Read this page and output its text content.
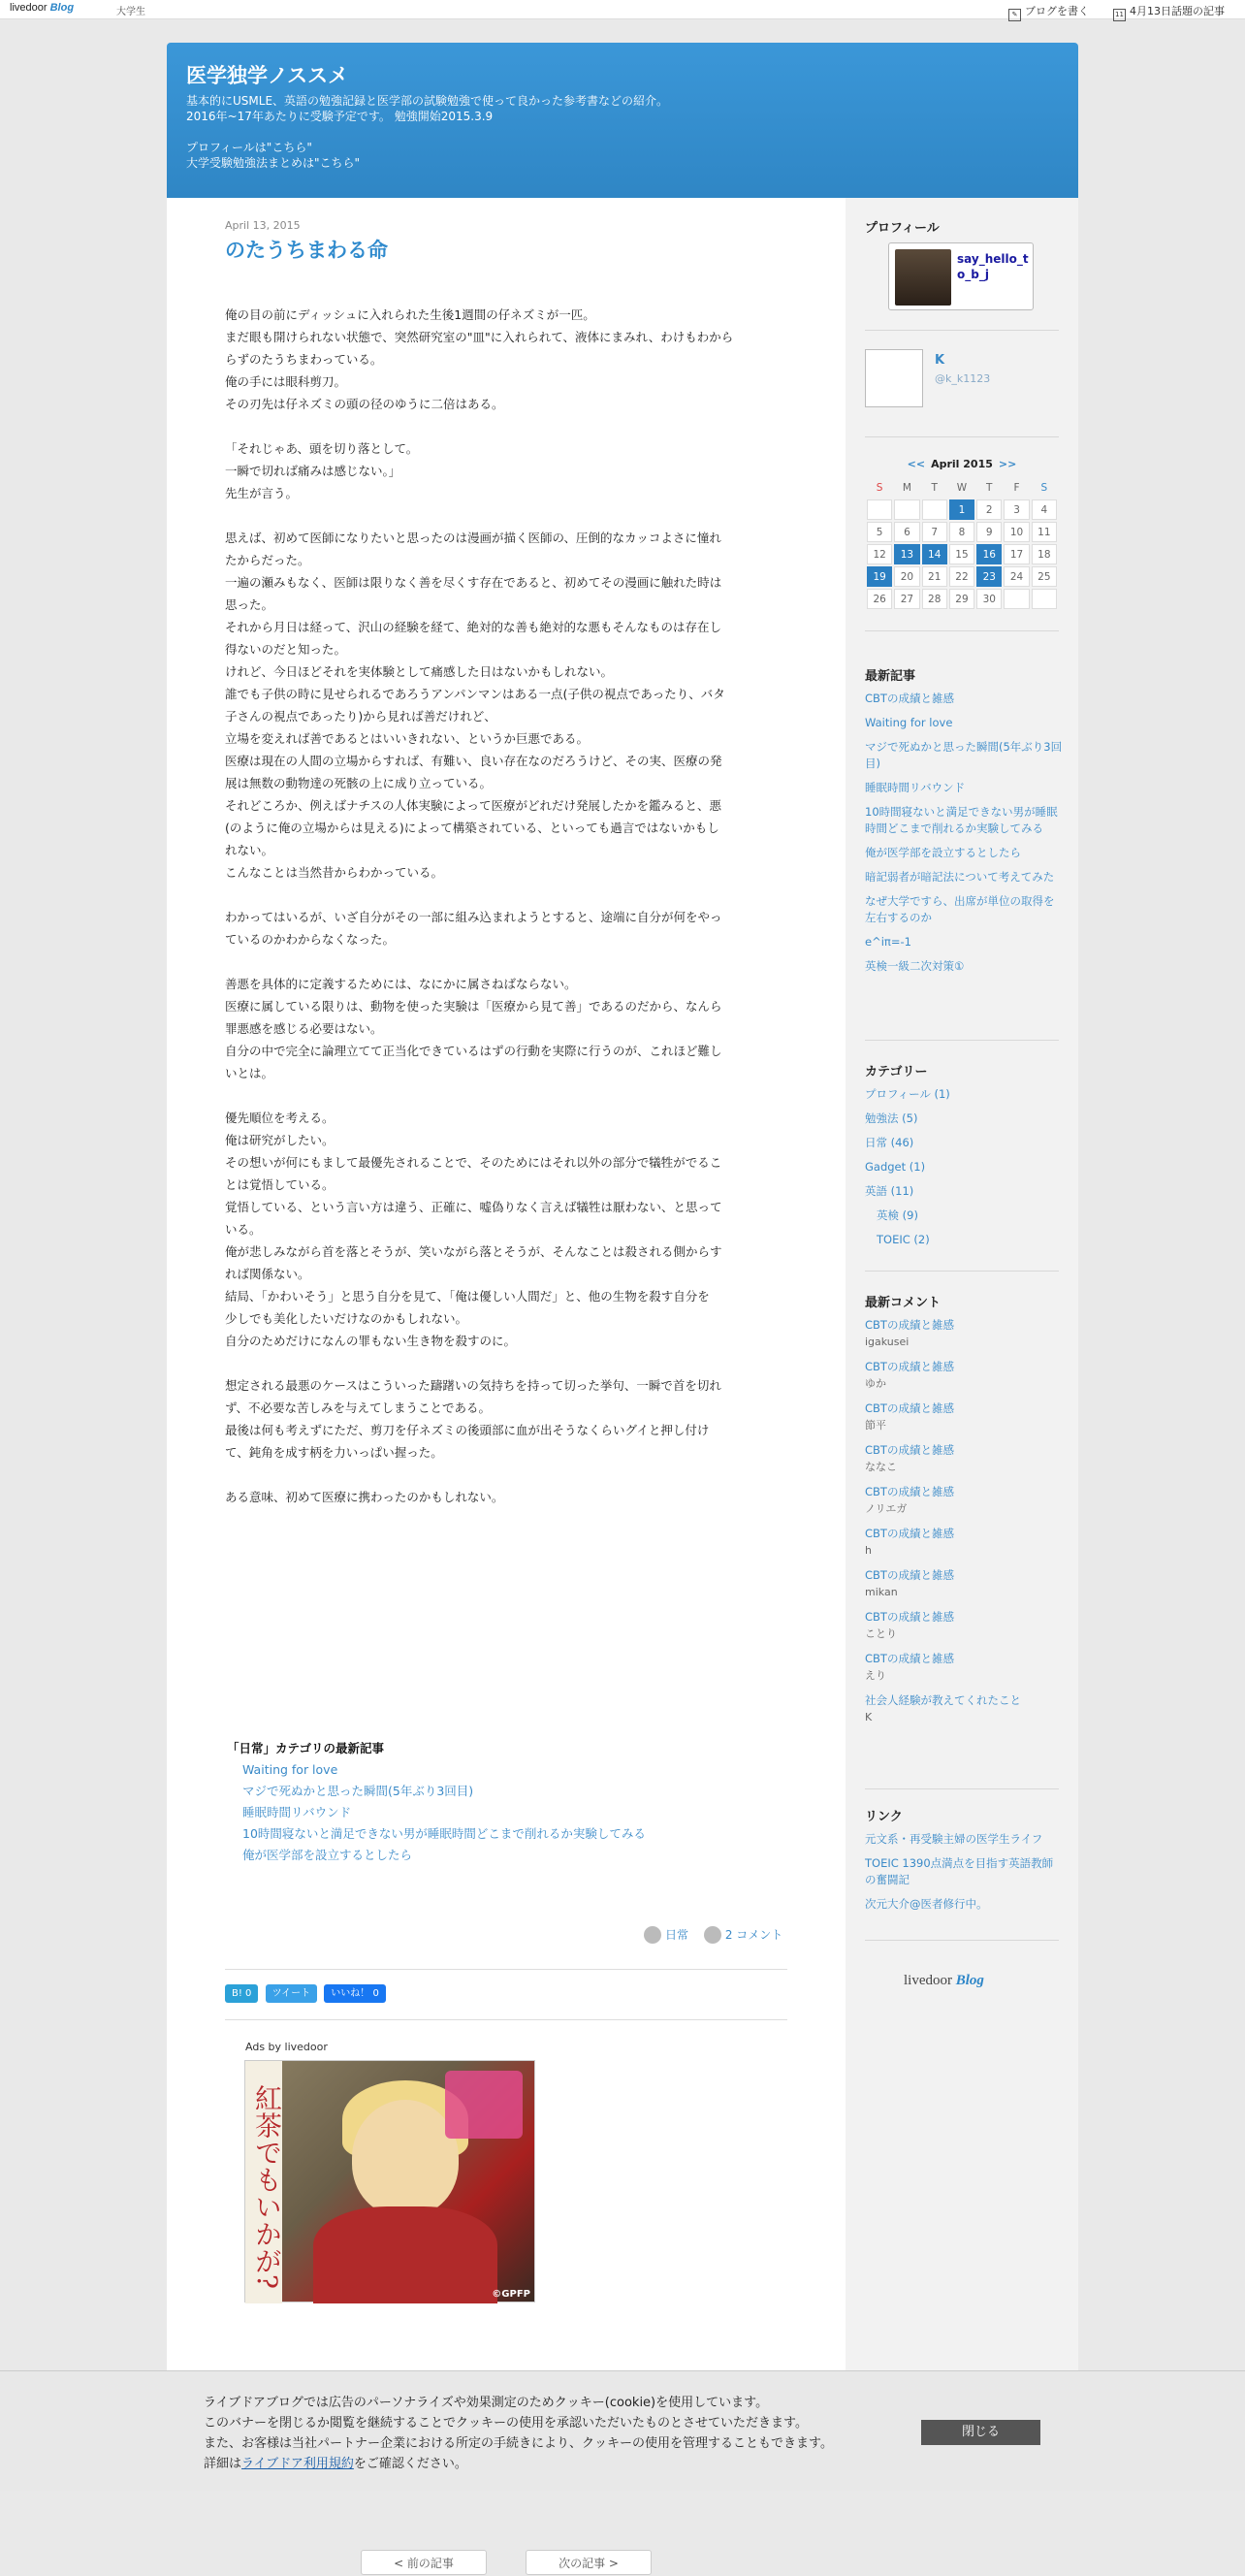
livedoor Blog	大学生	✎ ブログを書く	11 4月13日話題の記事
医学独学ノススメ
基本的にUSMLE、英語の勉強記録と医学部の試験勉強で使って良かった参考書などの紹介。
2016年~17年あたりに受験予定です。 勉強開始2015.3.9
プロフィールは"こちら"
大学受験勉強法まとめは"こちら"
April 13, 2015
のたうちまわる命
俺の目の前にディッシュに入れられた生後1週間の仔ネズミが一匹。
まだ眼も開けられない状態で、突然研究室の"皿"に入れられて、液体にまみれ、わけもわから
らずのたうちまわっている。
俺の手には眼科剪刀。
その刃先は仔ネズミの頭の径のゆうに二倍はある。
「それじゃあ、頭を切り落として。
一瞬で切れば痛みは感じない。」
先生が言う。
思えば、初めて医師になりたいと思ったのは漫画が描く医師の、圧倒的なカッコよさに憧れ
たからだった。
一遍の瀬みもなく、医師は限りなく善を尽くす存在であると、初めてその漫画に触れた時は
思った。
それから月日は経って、沢山の経験を経て、絶対的な善も絶対的な悪もそんなものは存在し
得ないのだと知った。
けれど、今日ほどそれを実体験として痛感した日はないかもしれない。
誰でも子供の時に見せられるであろうアンパンマンはある一点(子供の視点であったり、バタ
子さんの視点であったり)から見れば善だけれど、
立場を変えれば善であるとはいいきれない、というか巨悪である。
医療は現在の人間の立場からすれば、有難い、良い存在なのだろうけど、その実、医療の発
展は無数の動物達の死骸の上に成り立っている。
それどころか、例えばナチスの人体実験によって医療がどれだけ発展したかを鑑みると、悪
(のように俺の立場からは見える)によって構築されている、といっても過言ではないかもし
れない。
こんなことは当然昔からわかっている。
わかってはいるが、いざ自分がその一部に組み込まれようとすると、途端に自分が何をやっ
ているのかわからなくなった。
善悪を具体的に定義するためには、なにかに属さねばならない。
医療に属している限りは、動物を使った実験は「医療から見て善」であるのだから、なんら
罪悪感を感じる必要はない。
自分の中で完全に論理立てて正当化できているはずの行動を実際に行うのが、これほど難し
いとは。
優先順位を考える。
俺は研究がしたい。
その想いが何にもまして最優先されることで、そのためにはそれ以外の部分で犠牲がでるこ
とは覚悟している。
覚悟している、という言い方は違う、正確に、嘘偽りなく言えば犠牲は厭わない、と思って
いる。
俺が悲しみながら首を落とそうが、笑いながら落とそうが、そんなことは殺される側からす
れば関係ない。
結局、「かわいそう」と思う自分を見て、「俺は優しい人間だ」と、他の生物を殺す自分を
少しでも美化したいだけなのかもしれない。
自分のためだけになんの罪もない生き物を殺すのに。
想定される最悪のケースはこういった躊躇いの気持ちを持って切った挙句、一瞬で首を切れ
ず、不必要な苦しみを与えてしまうことである。
最後は何も考えずにただ、剪刀を仔ネズミの後頭部に血が出そうなくらいグイと押し付け
て、鈍角を成す柄を力いっぱい握った。
ある意味、初めて医療に携わったのかもしれない。
「日常」カテゴリの最新記事
Waiting for love
マジで死ぬかと思った瞬間(5年ぶり3回目)
睡眠時間リバウンド
10時間寝ないと満足できない男が睡眠時間どこまで削れるか実験してみる
俺が医学部を設立するとしたら
日常	2 コメント
B! 0 ツイート いいね！ 0
Ads by livedoor
紅茶でもいかが?
©GPFP
< 前の記事	次の記事 >
プロフィール
say_hello_to_b_j
K
@k_k1123
<< April 2015 >>
S	M	T	W	T	F	S
			1	2	3	4
5	6	7	8	9	10	11
12	13	14	15	16	17	18
19	20	21	22	23	24	25
26	27	28	29	30		
最新記事
CBTの成績と雑感
Waiting for love
マジで死ぬかと思った瞬間(5年ぶり3回目)
睡眠時間リバウンド
10時間寝ないと満足できない男が睡眠時間どこまで削れるか実験してみる
俺が医学部を設立するとしたら
暗記弱者が暗記法について考えてみた
なぜ大学ですら、出席が単位の取得を左右するのか
e^iπ=-1
英検一級二次対策①
カテゴリー
プロフィール (1)
勉強法 (5)
日常 (46)
Gadget (1)
英語 (11)
英検 (9)
TOEIC (2)
最新コメント
CBTの成績と雑感
igakusei
CBTの成績と雑感
ゆか
CBTの成績と雑感
節平
CBTの成績と雑感
ななこ
CBTの成績と雑感
ノリエガ
CBTの成績と雑感
h
CBTの成績と雑感
mikan
CBTの成績と雑感
ことり
CBTの成績と雑感
えり
社会人経験が教えてくれたこと
K
リンク
元文系・再受験主婦の医学生ライフ
TOEIC 1390点満点を目指す英語教師の奮闘記
次元大介@医者修行中。
livedoor Blog
ライブドアブログでは広告のパーソナライズや効果測定のためクッキー(cookie)を使用しています。
このバナーを閉じるか閲覧を継続することでクッキーの使用を承認いただいたものとさせていただきます。
また、お客様は当社パートナー企業における所定の手続きにより、クッキーの使用を管理することもできます。
詳細はライブドア利用規約をご確認ください。
閉じる
